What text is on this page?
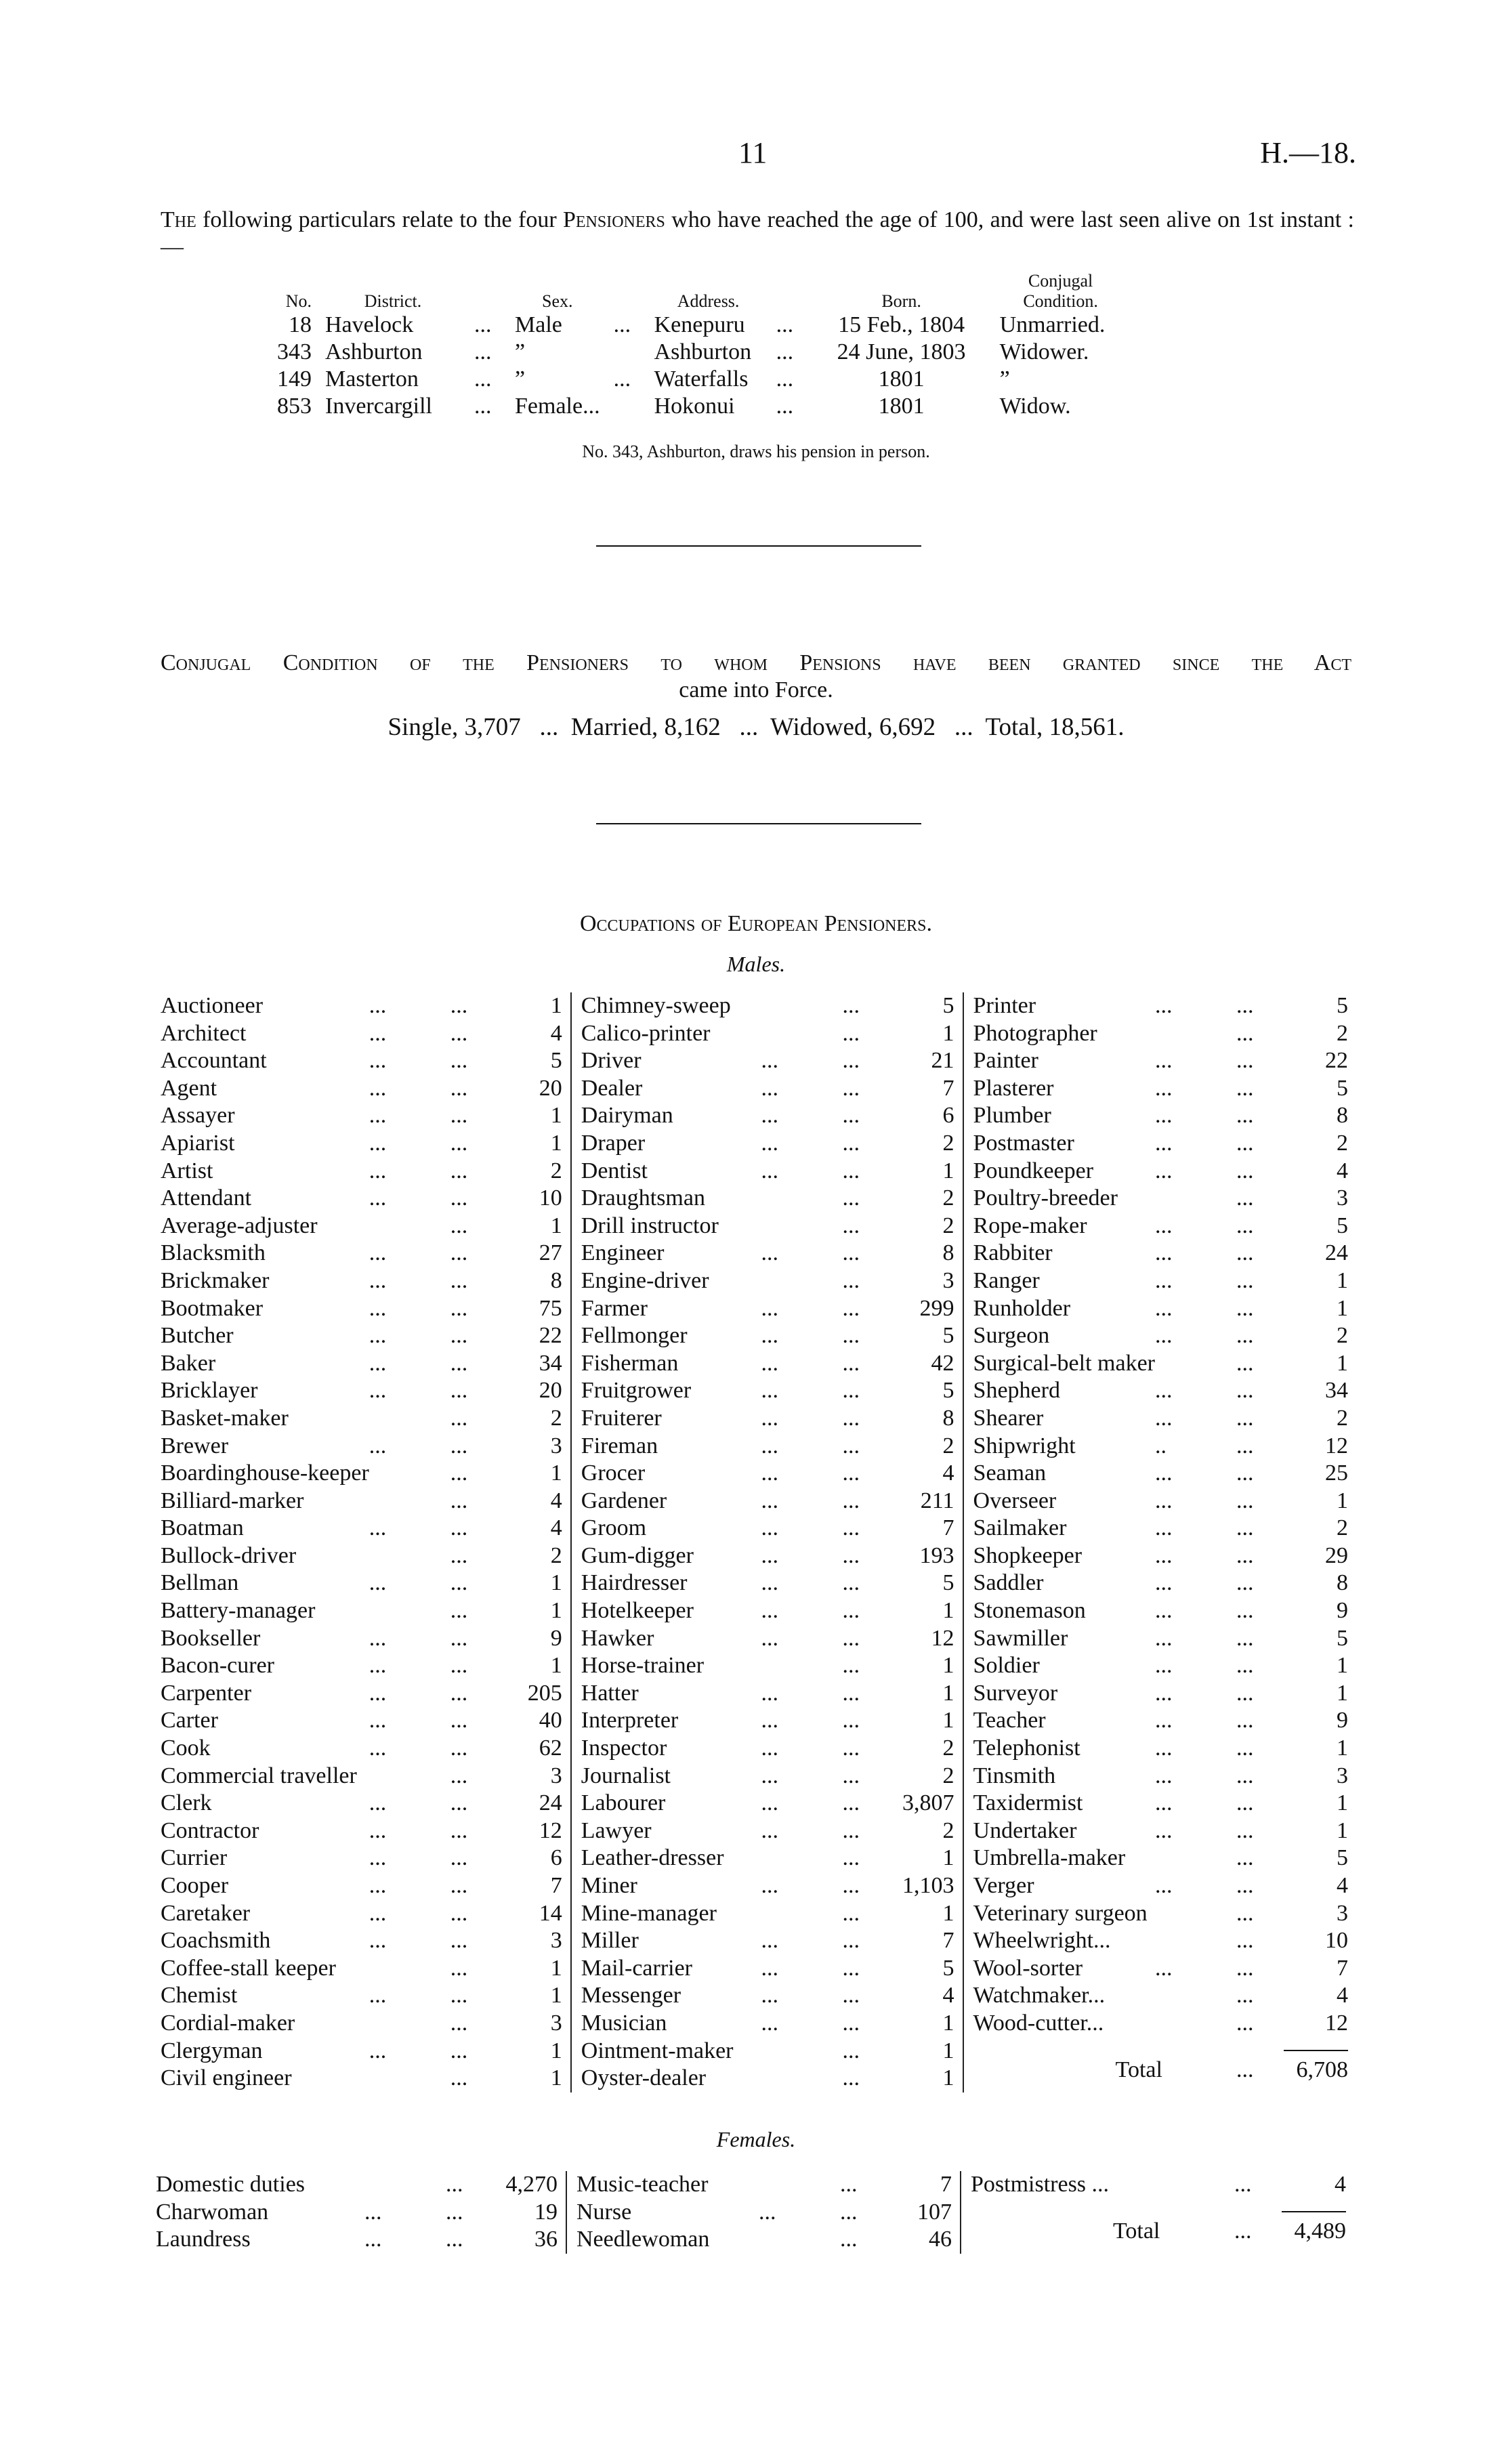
11	H.—18.
The following particulars relate to the four Pensioners who have reached the age of 100, and were last seen alive on 1st instant :—
No.	District.		Sex.		Address.		Born.	Conjugal Condition.
18	Havelock	...	Male	...	Kenepuru	...	15 Feb., 1804	Unmarried.
343	Ashburton	...	”		Ashburton	...	24 June, 1803	Widower.
149	Masterton	...	”	...	Waterfalls	...	1801	”
853	Invercargill	...	Female...		Hokonui	...	1801	Widow.
No. 343, Ashburton, draws his pension in person.
Conjugal Condition of the Pensioners to whom Pensions have been granted since the Act
came into Force.
Single, 3,707   ...  Married, 8,162   ...  Widowed, 6,692   ...  Total, 18,561.
Occupations of European Pensioners.
Males.
Auctioneer	...	...	1
Architect	...	...	4
Accountant	...	...	5
Agent	...	...	20
Assayer	...	...	1
Apiarist	...	...	1
Artist	...	...	2
Attendant	...	...	10
Average-adjuster	...	1
Blacksmith	...	...	27
Brickmaker	...	...	8
Bootmaker	...	...	75
Butcher	...	...	22
Baker	...	...	34
Bricklayer	...	...	20
Basket-maker	...	2
Brewer	...	...	3
Boardinghouse-keeper	...	1
Billiard-marker	...	4
Boatman	...	...	4
Bullock-driver	...	2
Bellman	...	...	1
Battery-manager	...	1
Bookseller	...	...	9
Bacon-curer	...	...	1
Carpenter	...	...	205
Carter	...	...	40
Cook	...	...	62
Commercial traveller	...	3
Clerk	...	...	24
Contractor	...	...	12
Currier	...	...	6
Cooper	...	...	7
Caretaker	...	...	14
Coachsmith	...	...	3
Coffee-stall keeper	...	1
Chemist	...	...	1
Cordial-maker	...	3
Clergyman	...	...	1
Civil engineer	...	1
Chimney-sweep	...	5
Calico-printer	...	1
Driver	...	...	21
Dealer	...	...	7
Dairyman	...	...	6
Draper	...	...	2
Dentist	...	...	1
Draughtsman	...	2
Drill instructor	...	2
Engineer	...	...	8
Engine-driver	...	3
Farmer	...	...	299
Fellmonger	...	...	5
Fisherman	...	...	42
Fruitgrower	...	...	5
Fruiterer	...	...	8
Fireman	...	...	2
Grocer	...	...	4
Gardener	...	...	211
Groom	...	...	7
Gum-digger	...	...	193
Hairdresser	...	...	5
Hotelkeeper	...	...	1
Hawker	...	...	12
Horse-trainer	...	1
Hatter	...	...	1
Interpreter	...	...	1
Inspector	...	...	2
Journalist	...	...	2
Labourer	...	...	3,807
Lawyer	...	...	2
Leather-dresser	...	1
Miner	...	...	1,103
Mine-manager	...	1
Miller	...	...	7
Mail-carrier	...	...	5
Messenger	...	...	4
Musician	...	...	1
Ointment-maker	...	1
Oyster-dealer	...	1
Printer	...	...	5
Photographer	...	2
Painter	...	...	22
Plasterer	...	...	5
Plumber	...	...	8
Postmaster	...	...	2
Poundkeeper	...	...	4
Poultry-breeder	...	3
Rope-maker	...	...	5
Rabbiter	...	...	24
Ranger	...	...	1
Runholder	...	...	1
Surgeon	...	...	2
Surgical-belt maker	...	1
Shepherd	...	...	34
Shearer	...	...	2
Shipwright	..	...	12
Seaman	...	...	25
Overseer	...	...	1
Sailmaker	...	...	2
Shopkeeper	...	...	29
Saddler	...	...	8
Stonemason	...	...	9
Sawmiller	...	...	5
Soldier	...	...	1
Surveyor	...	...	1
Teacher	...	...	9
Telephonist	...	...	1
Tinsmith	...	...	3
Taxidermist	...	...	1
Undertaker	...	...	1
Umbrella-maker	...	5
Verger	...	...	4
Veterinary surgeon	...	3
Wheelwright...	...	10
Wool-sorter	...	...	7
Watchmaker...	...	4
Wood-cutter...	...	12
Total	...	6,708
Females.
Domestic duties	...	4,270
Charwoman	...	...	19
Laundress	...	...	36
Music-teacher	...	7
Nurse	...	...	107
Needlewoman	...	46
Postmistress ...	...	4
Total	...	4,489
